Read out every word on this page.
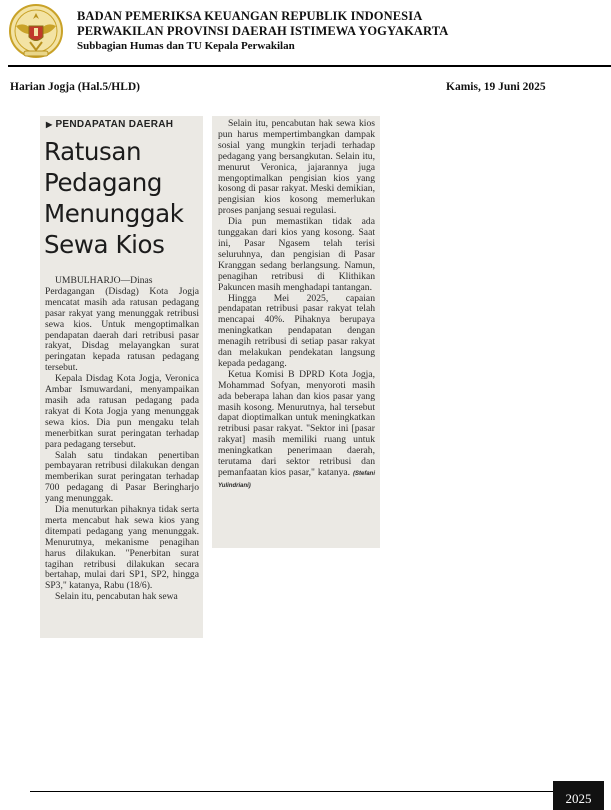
BADAN PEMERIKSA KEUANGAN REPUBLIK INDONESIA
PERWAKILAN PROVINSI DAERAH ISTIMEWA YOGYAKARTA
Subbagian Humas dan TU Kepala Perwakilan
Harian Jogja (Hal.5/HLD)	Kamis, 19 Juni 2025
▶ PENDAPATAN DAERAH
Ratusan
Pedagang
Menunggak
Sewa Kios

UMBULHARJO—Dinas Perdagangan (Disdag) Kota Jogja mencatat masih ada ratusan pedagang pasar rakyat yang menunggak retribusi sewa kios. Untuk mengoptimalkan pendapatan daerah dari retribusi pasar rakyat, Disdag melayangkan surat peringatan kepada ratusan pedagang tersebut.

Kepala Disdag Kota Jogja, Veronica Ambar Ismuwardani, menyampaikan masih ada ratusan pedagang pada rakyat di Kota Jogja yang menunggak sewa kios. Dia pun mengaku telah menerbitkan surat peringatan terhadap para pedagang tersebut.

Salah satu tindakan penertiban pembayaran retribusi dilakukan dengan memberikan surat peringatan terhadap 700 pedagang di Pasar Beringharjo yang menunggak.

Dia menuturkan pihaknya tidak serta merta mencabut hak sewa kios yang ditempati pedagang yang menunggak. Menurutnya, mekanisme penagihan harus dilakukan. "Penerbitan surat tagihan retribusi dilakukan secara bertahap, mulai dari SP1, SP2, hingga SP3," katanya, Rabu (18/6).

Selain itu, pencabutan hak sewa

Selain itu, pencabutan hak sewa kios pun harus mempertimbangkan dampak sosial yang mungkin terjadi terhadap pedagang yang bersangkutan. Selain itu, menurut Veronica, jajarannya juga mengoptimalkan pengisian kios yang kosong di pasar rakyat. Meski demikian, pengisian kios kosong memerlukan proses panjang sesuai regulasi.

Dia pun memastikan tidak ada tunggakan dari kios yang kosong. Saat ini, Pasar Ngasem telah terisi seluruhnya, dan pengisian di Pasar Kranggan sedang berlangsung. Namun, penagihan retribusi di Klithikan Pakuncen masih menghadapi tantangan.

Hingga Mei 2025, capaian pendapatan retribusi pasar rakyat telah mencapai 40%. Pihaknya berupaya meningkatkan pendapatan dengan menagih retribusi di setiap pasar rakyat dan melakukan pendekatan langsung kepada pedagang.

Ketua Komisi B DPRD Kota Jogja, Mohammad Sofyan, menyoroti masih ada beberapa lahan dan kios pasar yang masih kosong. Menurutnya, hal tersebut dapat dioptimalkan untuk meningkatkan retribusi pasar rakyat. "Sektor ini [pasar rakyat] masih memiliki ruang untuk meningkatkan penerimaan daerah, terutama dari sektor retribusi dan pemanfaatan kios pasar," katanya. (Stefani Yulindriani)

2025
